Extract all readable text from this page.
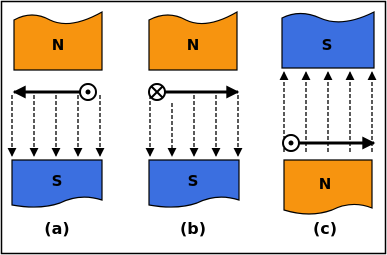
N
S
(a)
N
S
(b)
S
N
(c)
